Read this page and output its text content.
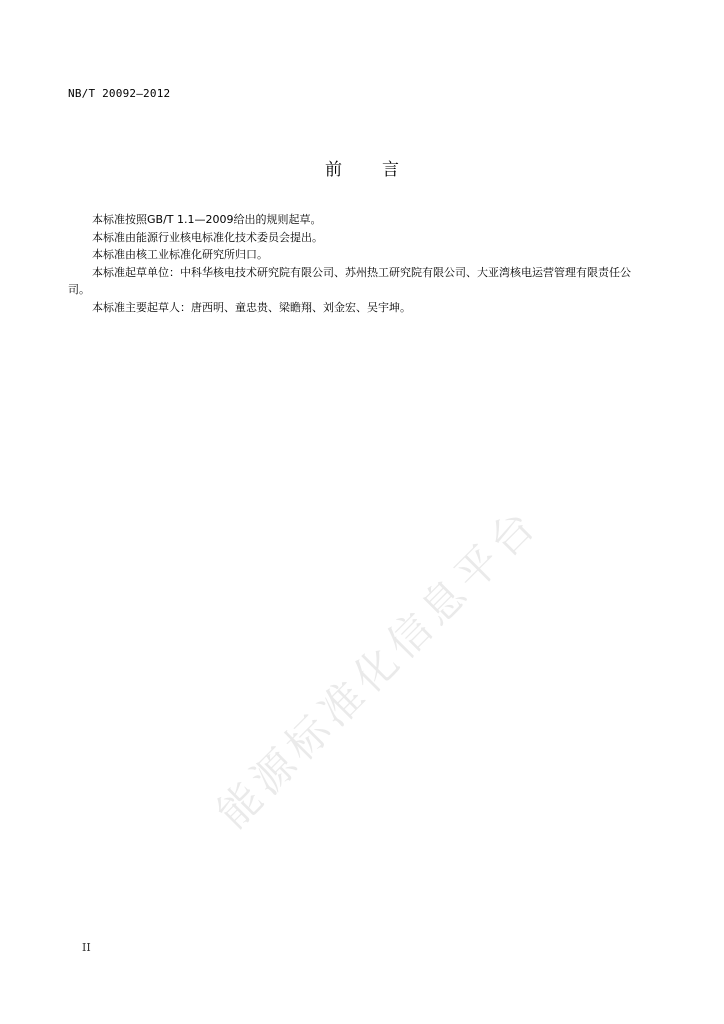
NB/T 20092—2012
前 言

本标准按照GB/T 1.1—2009给出的规则起草。

本标准由能源行业核电标准化技术委员会提出。

本标准由核工业标准化研究所归口。

本标准起草单位：中科华核电技术研究院有限公司、苏州热工研究院有限公司、大亚湾核电运营管理有限责任公司。

本标准主要起草人：唐西明、童忠贵、梁瞻翔、刘金宏、吴宇坤。

能源标准化信息平台
II
